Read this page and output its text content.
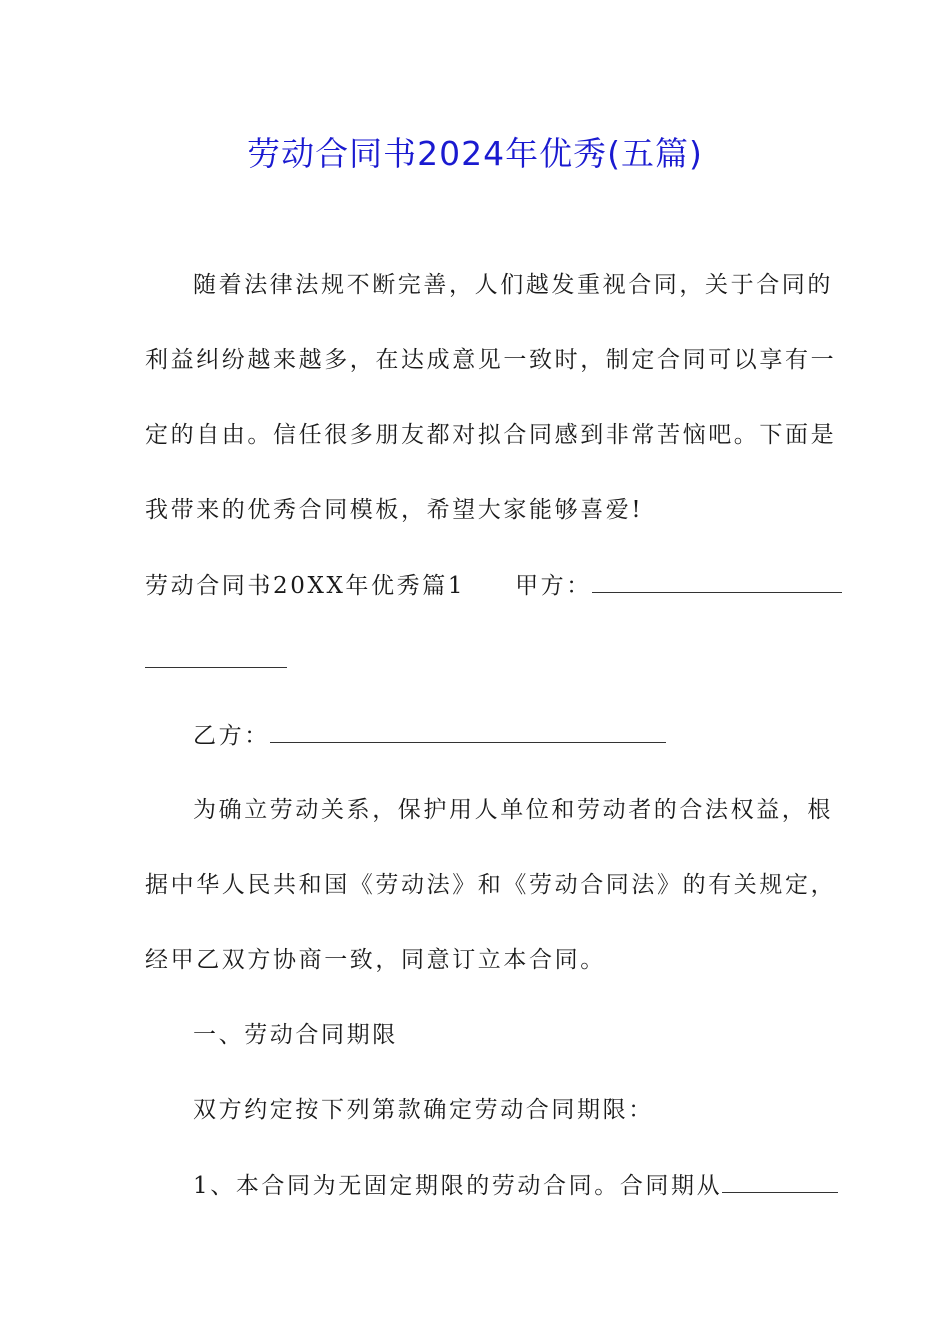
劳动合同书2024年优秀(五篇)
随着法律法规不断完善，人们越发重视合同，关于合同的
利益纠纷越来越多，在达成意见一致时，制定合同可以享有一
定的自由。信任很多朋友都对拟合同感到非常苦恼吧。下面是
我带来的优秀合同模板，希望大家能够喜爱!
劳动合同书20XX年优秀篇1 甲方：
乙方：
为确立劳动关系，保护用人单位和劳动者的合法权益，根
据中华人民共和国《劳动法》和《劳动合同法》的有关规定，
经甲乙双方协商一致，同意订立本合同。
一、劳动合同期限
双方约定按下列第款确定劳动合同期限：
1、本合同为无固定期限的劳动合同。合同期从
